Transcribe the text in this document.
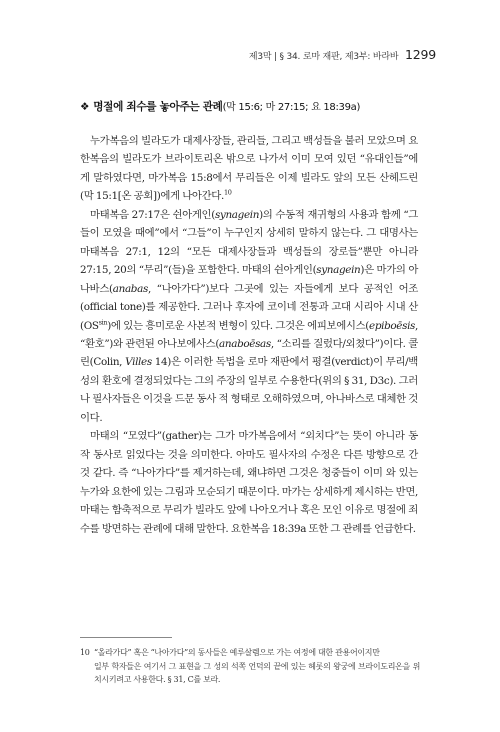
제3막 | § 34. 로마 재판, 제3부: 바라바 1299
❖ 명절에 죄수를 놓아주는 관례(막 15:6; 마 27:15; 요 18:39a)

누가복음의 빌라도가 대제사장들, 관리들, 그리고 백성들을 불러 모았으며 요한복음의 빌라도가 브라이토리온 밖으로 나가서 이미 모여 있던 “유대인들”에게 말하였다면, 마가복음 15:8에서 무리들은 이제 빌라도 앞의 모든 산헤드린(막 15:1[온 공회])에게 나아간다.$^{10}$

마태복음 27:17은 쉰아게인(synagein)의 수동적 재귀형의 사용과 함께 “그들이 모였을 때에”에서 “그들”이 누구인지 상세히 말하지 않는다. 그 대명사는 마태복음 27:1, 12의 “모든 대제사장들과 백성들의 장로들”뿐만 아니라 27:15, 20의 “무리”(들)을 포함한다. 마태의 쉰아게인(synagein)은 마가의 아나바스(anabas, “나아가다”)보다 그곳에 있는 자들에게 보다 공적인 어조(official tone)를 제공한다. 그러나 후자에 코이네 전통과 고대 시리아 시내 산$(OS^{sin})$에 있는 흥미로운 사본적 변형이 있다. 그것은 에피보에시스(epiboēsis, “환호”)와 관련된 아나보에사스(anaboēsas, “소리를 질렀다/외쳤다”)이다. 콜린(Colin, Villes 14)은 이러한 독법을 로마 재판에서 평결(verdict)이 무리/백성의 환호에 결정되었다는 그의 주장의 일부로 수용한다(위의 § 31, D3c). 그러나 필사자들은 이것을 드문 동사 적 형태로 오해하였으며, 아나바스로 대체한 것이다.

마태의 “모였다”(gather)는 그가 마가복음에서 “외치다”는 뜻이 아니라 동작 동사로 읽었다는 것을 의미한다. 아마도 필사자의 수정은 다른 방향으로 간 것 같다. 즉 “나아가다”를 제거하는데, 왜냐하면 그것은 청중들이 이미 와 있는 누가와 요한에 있는 그림과 모순되기 때문이다. 마가는 상세하게 제시하는 반면, 마태는 함축적으로 무리가 빌라도 앞에 나아오거나 혹은 모인 이유로 명절에 죄수를 방면하는 관례에 대해 말한다. 요한복음 18:39a 또한 그 관례를 언급한다.

10 “올라가다” 혹은 “나아가다”의 동사들은 예루살렘으로 가는 여정에 대한 관용어이지만
일부 학자들은 여기서 그 표현을 그 성의 석쪽 언덕의 끝에 있는 헤롯의 왕궁에 브라이도리온을 위치시키려고 사용한다. § 31, C를 보라.
